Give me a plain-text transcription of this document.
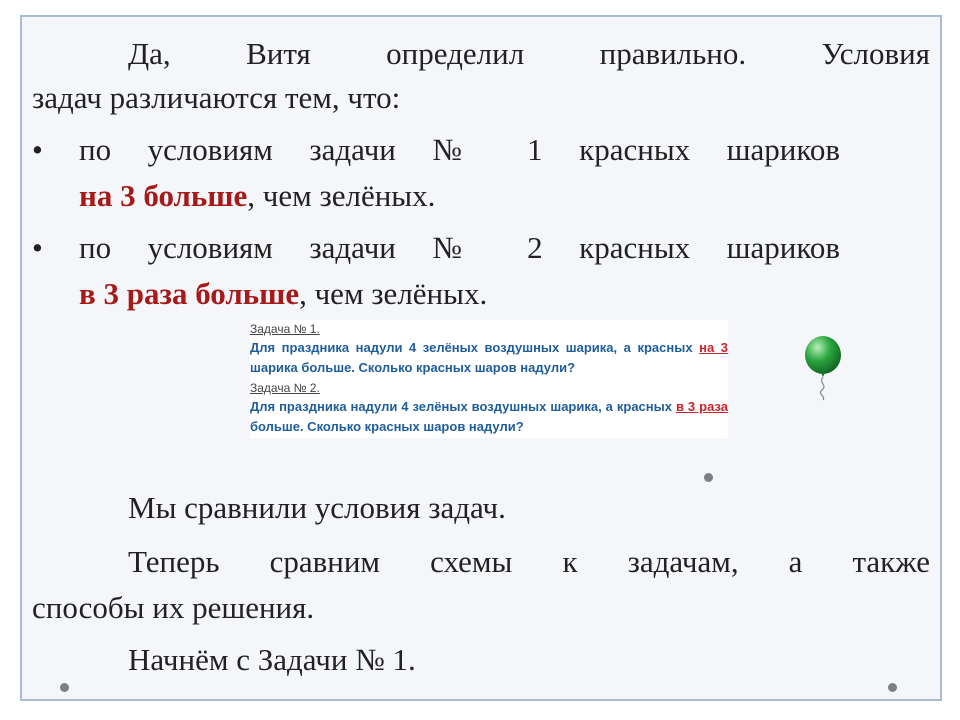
Да, Витя определил правильно. Условия
задач различаются тем, что:
•	по условиям задачи № 1 красных шариков
на 3 больше, чем зелёных.
•	по условиям задачи № 2 красных шариков
в 3 раза больше, чем зелёных.
Задача № 1.
Для праздника надули 4 зелёных воздушных шарика, а красных на 3 шарика больше. Сколько красных шаров надули?
Задача № 2.
Для праздника надули 4 зелёных воздушных шарика, а красных в 3 раза больше. Сколько красных шаров надули?
Мы сравнили условия задач.
Теперь сравним схемы к задачам, а также
способы их решения.
Начнём с Задачи № 1.
